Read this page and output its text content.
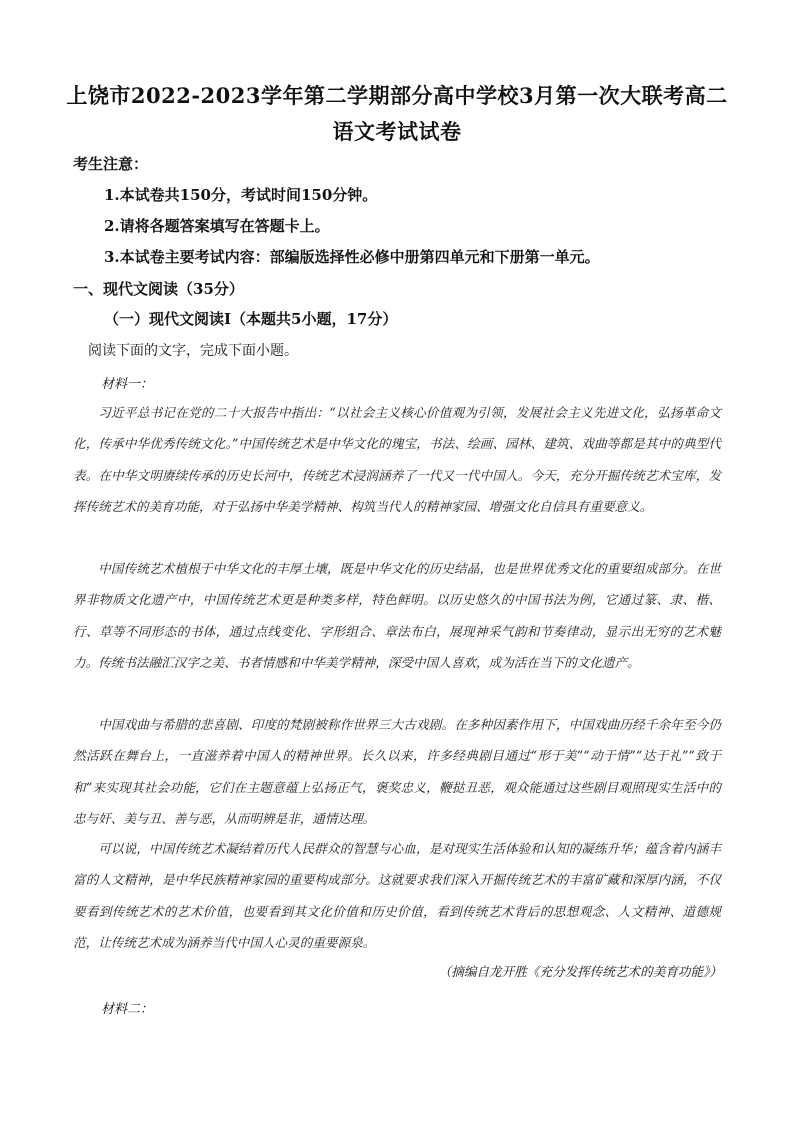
上饶市2022-2023学年第二学期部分高中学校3月第一次大联考高二
语文考试试卷
考生注意：
1.本试卷共150分，考试时间150分钟。
2.请将各题答案填写在答题卡上。
3.本试卷主要考试内容：部编版选择性必修中册第四单元和下册第一单元。
一、现代文阅读（35分）
（一）现代文阅读Ⅰ（本题共5小题，17分）
阅读下面的文字，完成下面小题。
材料一：
习近平总书记在党的二十大报告中指出：“以社会主义核心价值观为引领，发展社会主义先进文化，弘扬革命文化，传承中华优秀传统文化。”中国传统艺术是中华文化的瑰宝，书法、绘画、园林、建筑、戏曲等都是其中的典型代表。在中华文明赓续传承的历史长河中，传统艺术浸润涵养了一代又一代中国人。今天，充分开掘传统艺术宝库，发挥传统艺术的美育功能，对于弘扬中华美学精神、构筑当代人的精神家园、增强文化自信具有重要意义。
中国传统艺术植根于中华文化的丰厚土壤，既是中华文化的历史结晶，也是世界优秀文化的重要组成部分。在世界非物质文化遗产中，中国传统艺术更是种类多样，特色鲜明。以历史悠久的中国书法为例，它通过篆、隶、楷、行、草等不同形态的书体，通过点线变化、字形组合、章法布白，展现神采气韵和节奏律动，显示出无穷的艺术魅力。传统书法融汇汉字之美、书者情感和中华美学精神，深受中国人喜欢，成为活在当下的文化遗产。
中国戏曲与希腊的悲喜剧、印度的梵剧被称作世界三大古戏剧。在多种因素作用下，中国戏曲历经千余年至今仍然活跃在舞台上，一直滋养着中国人的精神世界。长久以来，许多经典剧目通过“形于美”“动于情”“达于礼”“致于和”来实现其社会功能，它们在主题意蕴上弘扬正气，褒奖忠义，鞭挞丑恶，观众能通过这些剧目观照现实生活中的忠与奸、美与丑、善与恶，从而明辨是非，通情达理。
可以说，中国传统艺术凝结着历代人民群众的智慧与心血，是对现实生活体验和认知的凝练升华；蕴含着内涵丰富的人文精神，是中华民族精神家园的重要构成部分。这就要求我们深入开掘传统艺术的丰富矿藏和深厚内涵，不仅要看到传统艺术的艺术价值，也要看到其文化价值和历史价值，看到传统艺术背后的思想观念、人文精神、道德规范，让传统艺术成为涵养当代中国人心灵的重要源泉。
（摘编自龙开胜《充分发挥传统艺术的美育功能》）
材料二：
